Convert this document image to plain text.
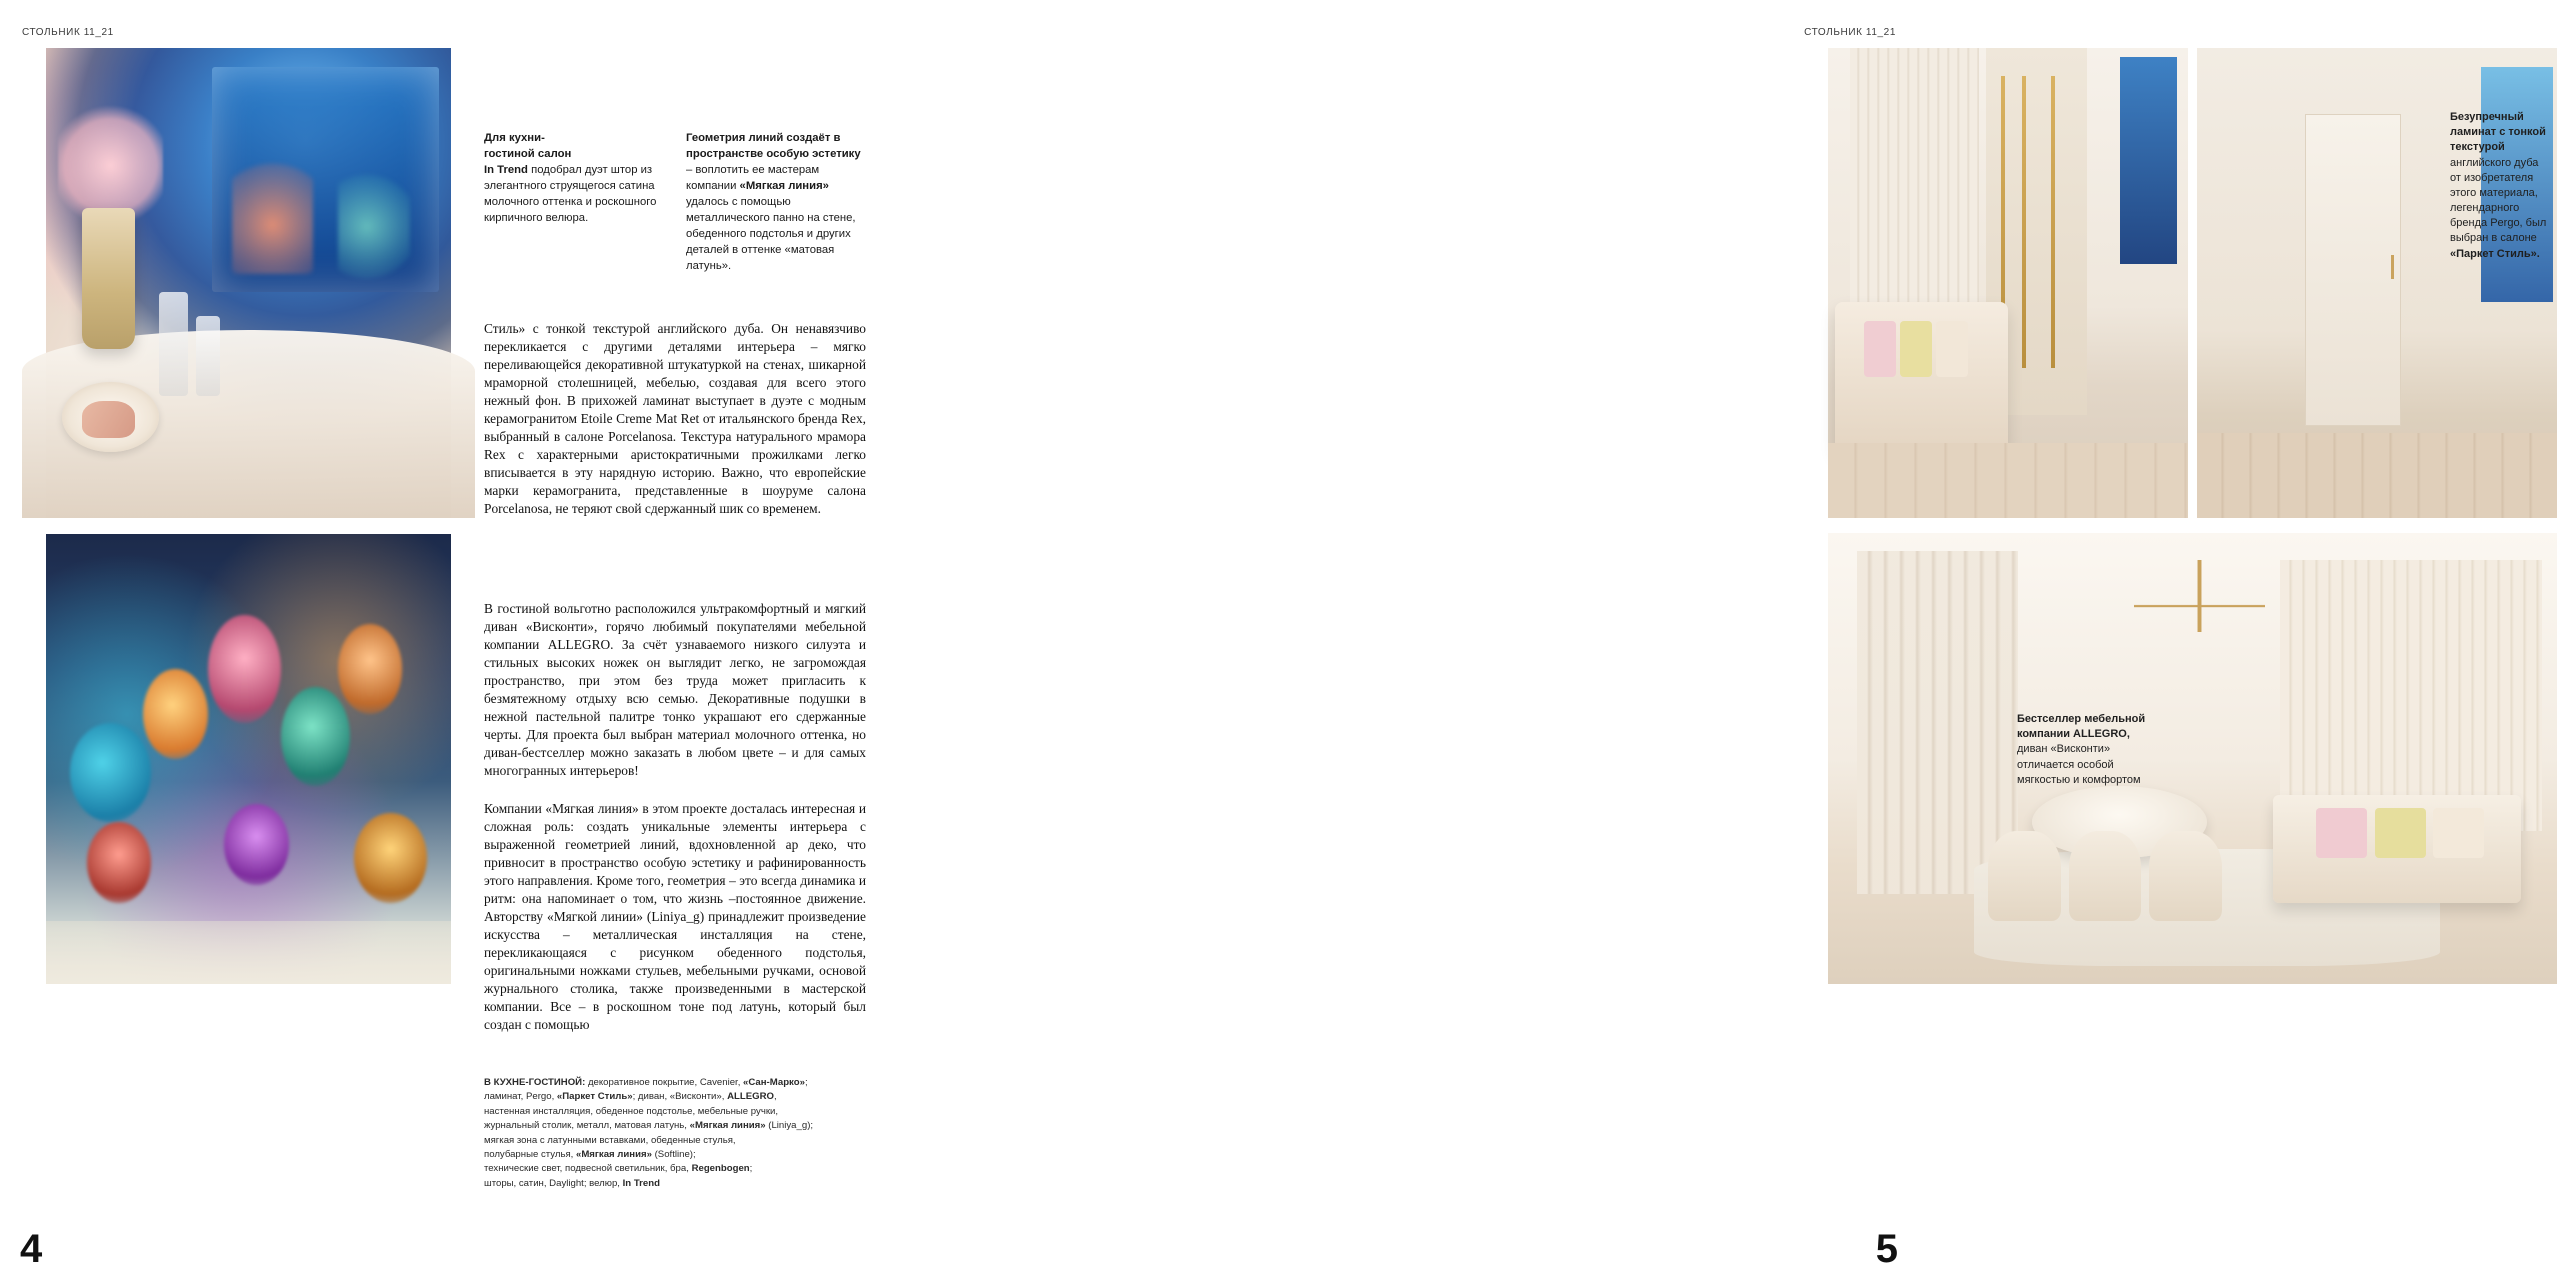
СТОЛЬНИК 11_21
Для кухни-
гостиной салон
In Trend подобрал дуэт штор из элегантного струящегося сатина молочного оттенка и роскошного кирпичного велюра.
Геометрия линий создаёт в пространстве особую эстетику – воплотить ее мастерам компании «Мягкая линия» удалось с помощью металлического панно на стене, обеденного подстолья и других деталей в оттенке «матовая латунь».
Стиль» с тонкой текстурой английского дуба. Он ненавязчиво перекликается с другими деталями интерьера – мягко переливающейся декоративной штукатуркой на стенах, шикарной мраморной столешницей, мебелью, создавая для всего этого нежный фон. В прихожей ламинат выступает в дуэте с модным керамогранитом Etoile Creme Mat Ret от итальянского бренда Rex, выбранный в салоне Porcelanosa. Текстура натурального мрамора Rex с характерными аристократичными прожилками легко вписывается в эту нарядную историю. Важно, что европейские марки керамогранита, представленные в шоуруме салона Porcelanosa, не теряют свой сдержанный шик со временем.
В гостиной вольготно расположился ультракомфортный и мягкий диван «Висконти», горячо любимый покупателями мебельной компании ALLEGRO. За счёт узнаваемого низкого силуэта и стильных высоких ножек он выглядит легко, не загромождая пространство, при этом без труда может пригласить к безмятежному отдыху всю семью. Декоративные подушки в нежной пастельной палитре тонко украшают его сдержанные черты. Для проекта был выбран материал молочного оттенка, но диван-бестселлер можно заказать в любом цвете – и для самых многогранных интерьеров!
Компании «Мягкая линия» в этом проекте досталась интересная и сложная роль: создать уникальные элементы интерьера с выраженной геометрией линий, вдохновленной ар деко, что привносит в пространство особую эстетику и рафинированность этого направления. Кроме того, геометрия – это всегда динамика и ритм: она напоминает о том, что жизнь –постоянное движение. Авторству «Мягкой линии» (Liniya_g) принадлежит произведение искусства – металлическая инсталляция на стене, перекликающаяся с рисунком обеденного подстолья, оригинальными ножками стульев, мебельными ручками, основой журнального столика, также произведенными в мастерской компании. Все – в роскошном тоне под латунь, который был создан с помощью
В КУХНЕ-ГОСТИНОЙ: декоративное покрытие, Cavenier, «Сан-Марко»;
ламинат, Pergo, «Паркет Стиль»; диван, «Висконти», ALLEGRO,
настенная инсталляция, обеденное подстолье, мебельные ручки,
журнальный столик, металл, матовая латунь, «Мягкая линия» (Liniya_g);
мягкая зона с латунными вставками, обеденные стулья,
полубарные стулья, «Мягкая линия» (Softline);
технические свет, подвесной светильник, бра, Regenbogen;
шторы, сатин, Daylight; велюр, In Trend
4
СТОЛЬНИК 11_21
Безупречный
ламинат с тонкой
текстурой
английского дуба
от изобретателя
этого материала,
легендарного
бренда Pergo, был
выбран в салоне
«Паркет Стиль».
Бестселлер мебельной
компании ALLEGRO,
диван «Висконти»
отличается особой
мягкостью и комфортом
5
